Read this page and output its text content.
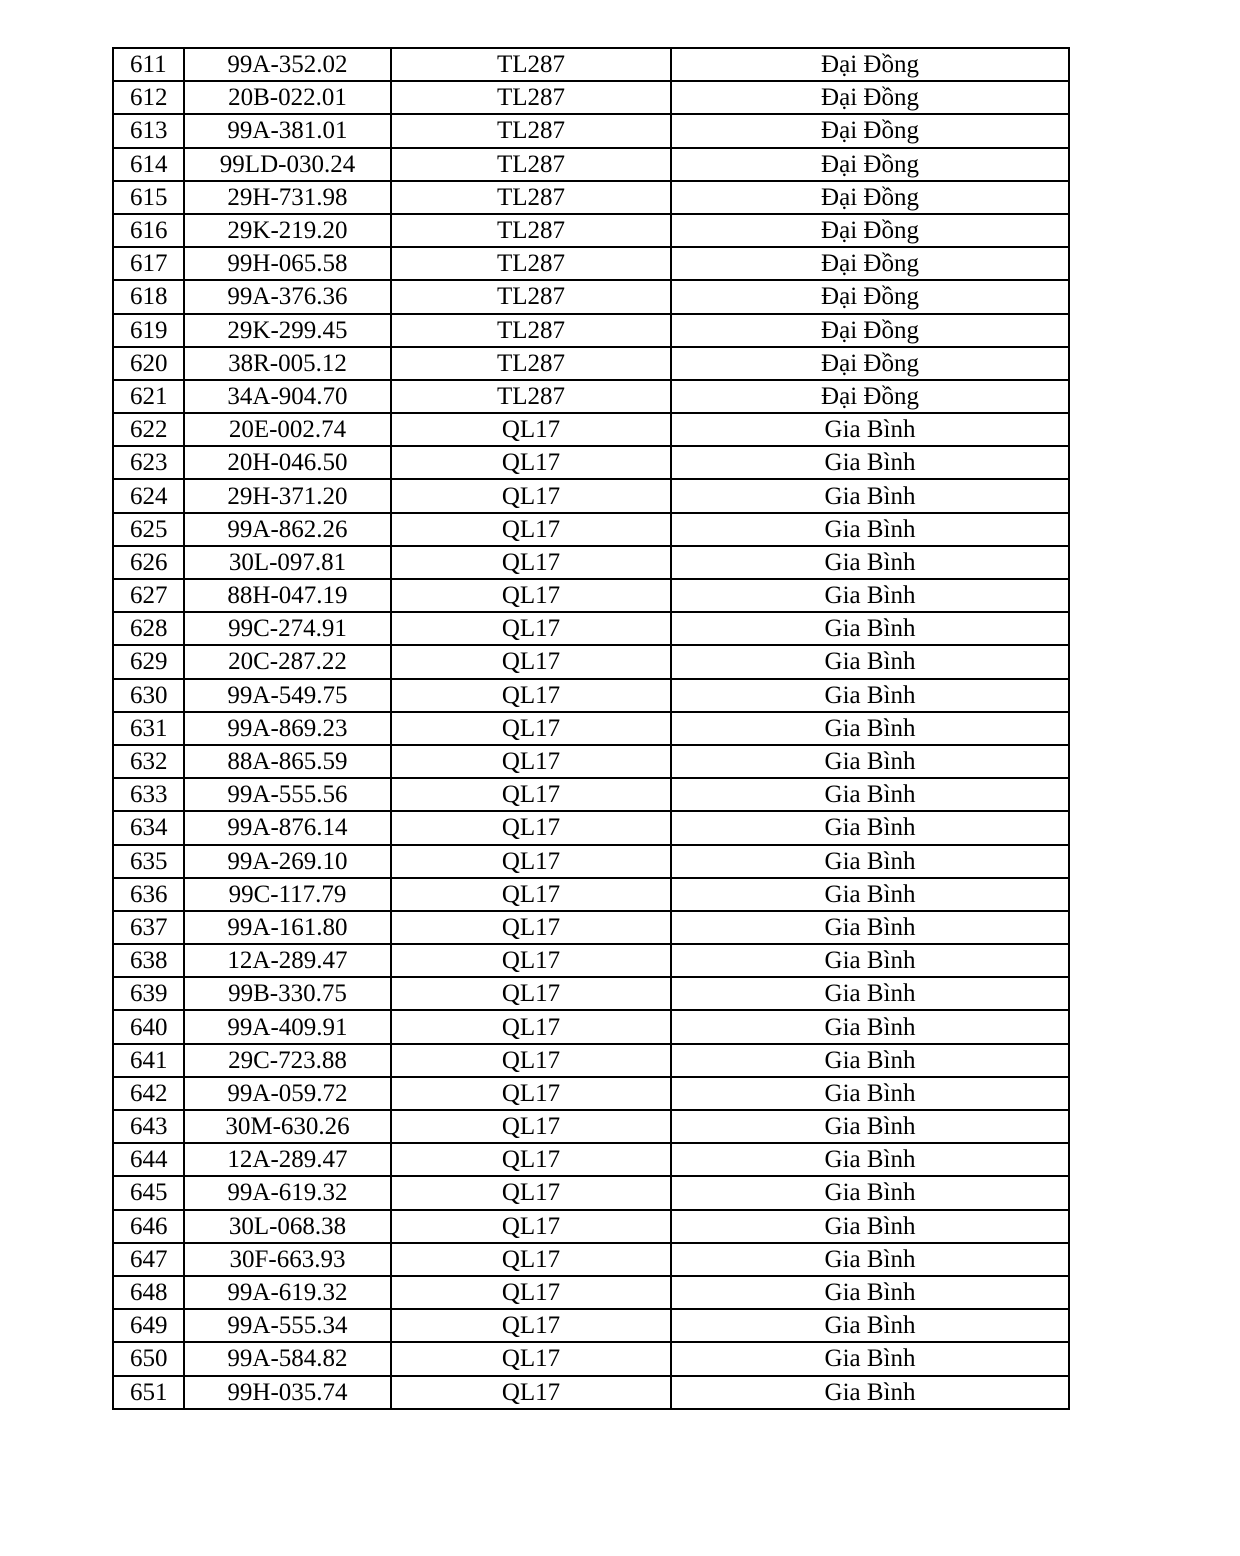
611	99A-352.02	TL287	Đại Đồng
612	20B-022.01	TL287	Đại Đồng
613	99A-381.01	TL287	Đại Đồng
614	99LD-030.24	TL287	Đại Đồng
615	29H-731.98	TL287	Đại Đồng
616	29K-219.20	TL287	Đại Đồng
617	99H-065.58	TL287	Đại Đồng
618	99A-376.36	TL287	Đại Đồng
619	29K-299.45	TL287	Đại Đồng
620	38R-005.12	TL287	Đại Đồng
621	34A-904.70	TL287	Đại Đồng
622	20E-002.74	QL17	Gia Bình
623	20H-046.50	QL17	Gia Bình
624	29H-371.20	QL17	Gia Bình
625	99A-862.26	QL17	Gia Bình
626	30L-097.81	QL17	Gia Bình
627	88H-047.19	QL17	Gia Bình
628	99C-274.91	QL17	Gia Bình
629	20C-287.22	QL17	Gia Bình
630	99A-549.75	QL17	Gia Bình
631	99A-869.23	QL17	Gia Bình
632	88A-865.59	QL17	Gia Bình
633	99A-555.56	QL17	Gia Bình
634	99A-876.14	QL17	Gia Bình
635	99A-269.10	QL17	Gia Bình
636	99C-117.79	QL17	Gia Bình
637	99A-161.80	QL17	Gia Bình
638	12A-289.47	QL17	Gia Bình
639	99B-330.75	QL17	Gia Bình
640	99A-409.91	QL17	Gia Bình
641	29C-723.88	QL17	Gia Bình
642	99A-059.72	QL17	Gia Bình
643	30M-630.26	QL17	Gia Bình
644	12A-289.47	QL17	Gia Bình
645	99A-619.32	QL17	Gia Bình
646	30L-068.38	QL17	Gia Bình
647	30F-663.93	QL17	Gia Bình
648	99A-619.32	QL17	Gia Bình
649	99A-555.34	QL17	Gia Bình
650	99A-584.82	QL17	Gia Bình
651	99H-035.74	QL17	Gia Bình
